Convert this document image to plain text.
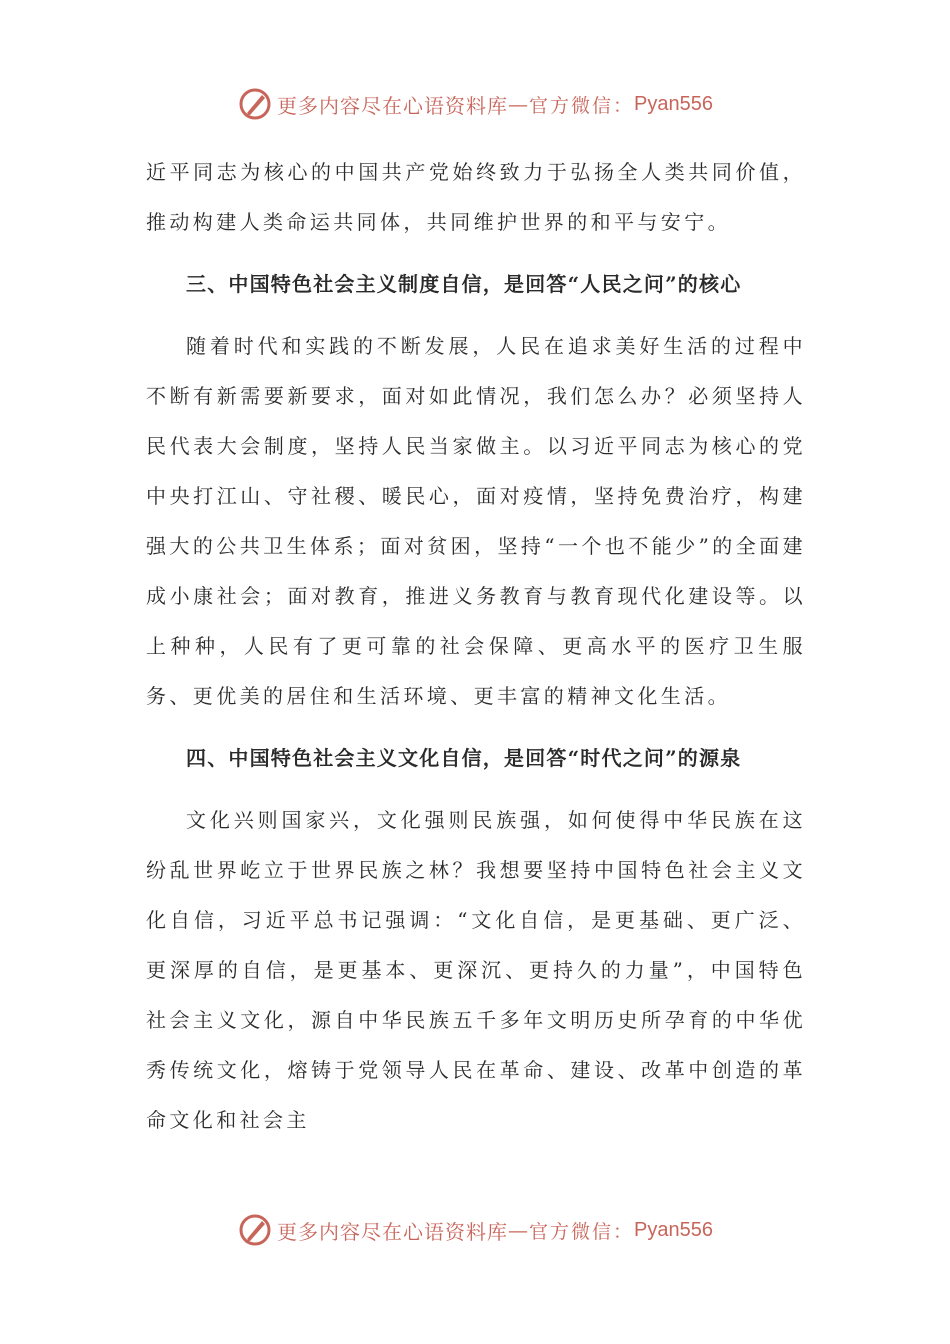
更多内容尽在心语资料库 — 官方微信： Pyan556

近平同志为核心的中国共产党始终致力于弘扬全人类共同价值，推动构建人类命运共同体，共同维护世界的和平与安宁。

三、中国特色社会主义制度自信，是回答“人民之问”的核心

随着时代和实践的不断发展，人民在追求美好生活的过程中不断有新需要新要求，面对如此情况，我们怎么办？必须坚持人民代表大会制度，坚持人民当家做主。以习近平同志为核心的党中央打江山、守社稷、暖民心，面对疫情，坚持免费治疗，构建强大的公共卫生体系；面对贫困，坚持“一个也不能少”的全面建成小康社会；面对教育，推进义务教育与教育现代化建设等。以上种种，人民有了更可靠的社会保障、更高水平的医疗卫生服务、更优美的居住和生活环境、更丰富的精神文化生活。

四、中国特色社会主义文化自信，是回答“时代之问”的源泉

文化兴则国家兴，文化强则民族强，如何使得中华民族在这纷乱世界屹立于世界民族之林？我想要坚持中国特色社会主义文化自信，习近平总书记强调：“文化自信，是更基础、更广泛、更深厚的自信，是更基本、更深沉、更持久的力量”，中国特色社会主义文化，源自中华民族五千多年文明历史所孕育的中华优秀传统文化，熔铸于党领导人民在革命、建设、改革中创造的革命文化和社会主

更多内容尽在心语资料库 — 官方微信： Pyan556
